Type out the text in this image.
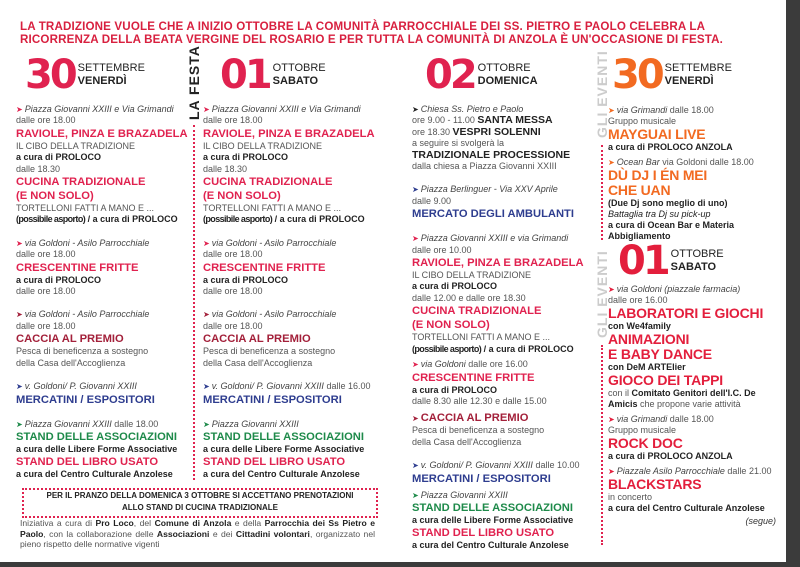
LA TRADIZIONE VUOLE CHE A INIZIO OTTOBRE LA COMUNITÀ PARROCCHIALE DEI SS. PIETRO E PAOLO CELEBRA LA RICORRENZA DELLA BEATA VERGINE DEL ROSARIO E PER TUTTA LA COMUNITÀ DI ANZOLA È UN'OCCASIONE DI FESTA.
30 SETTEMBRE
VENERDÌ	01 OTTOBRE
SABATO	02 OTTOBRE
DOMENICA 30 SETTEMBRE
VENERDÌ
LA FESTA	GLI EVENTI
GLI EVENTI
➤ Piazza Giovanni XXIII e Via Grimandi
dalle ore 18.00
RAVIOLE, PINZA E BRAZADELA
IL CIBO DELLA TRADIZIONE
a cura di PROLOCO
dalle 18.30
CUCINA TRADIZIONALE
(E NON SOLO)
TORTELLONI FATTI A MANO E ...
(possibile asporto) / a cura di PROLOCO
➤ via Goldoni - Asilo Parrocchiale
dalle ore 18.00
CRESCENTINE FRITTE
a cura di PROLOCO
dalle ore 18.00
➤ via Goldoni - Asilo Parrocchiale
dalle ore 18.00
CACCIA AL PREMIO
Pesca di beneficenza a sostegno
della Casa dell'Accoglienza
➤ v. Goldoni/ P. Giovanni XXIII
MERCATINI / ESPOSITORI
➤ Piazza Giovanni XXIII dalle 18.00
STAND DELLE ASSOCIAZIONI
a cura delle Libere Forme Associative
STAND DEL LIBRO USATO
a cura del Centro Culturale Anzolese
➤ Piazza Giovanni XXIII e Via Grimandi
dalle ore 18.00
RAVIOLE, PINZA E BRAZADELA
IL CIBO DELLA TRADIZIONE
a cura di PROLOCO
dalle 18.30
CUCINA TRADIZIONALE
(E NON SOLO)
TORTELLONI FATTI A MANO E ...
(possibile asporto) / a cura di PROLOCO
➤ via Goldoni - Asilo Parrocchiale
dalle ore 18.00
CRESCENTINE FRITTE
a cura di PROLOCO
dalle ore 18.00
➤ via Goldoni - Asilo Parrocchiale
dalle ore 18.00
CACCIA AL PREMIO
Pesca di beneficenza a sostegno
della Casa dell'Accoglienza
➤ v. Goldoni/ P. Giovanni XXIII dalle 16.00
MERCATINI / ESPOSITORI
➤ Piazza Giovanni XXIII
STAND DELLE ASSOCIAZIONI
a cura delle Libere Forme Associative
STAND DEL LIBRO USATO
a cura del Centro Culturale Anzolese
➤ Chiesa Ss. Pietro e Paolo
ore 9.00 - 11.00 SANTA MESSA
ore 18.30 VESPRI SOLENNI
a seguire si svolgerà la
TRADIZIONALE PROCESSIONE
dalla chiesa a Piazza Giovanni XXIII
➤ Piazza Berlinguer - Via XXV Aprile
dalle 9.00
MERCATO DEGLI AMBULANTI
➤ Piazza Giovanni XXIII e via Grimandi
dalle ore 10.00
RAVIOLE, PINZA E BRAZADELA
IL CIBO DELLA TRADIZIONE
a cura di PROLOCO
dalle 12.00 e dalle ore 18.30
CUCINA TRADIZIONALE
(E NON SOLO)
TORTELLONI FATTI A MANO E ...
(possibile asporto) / a cura di PROLOCO
➤ via Goldoni dalle ore 16.00
CRESCENTINE FRITTE
a cura di PROLOCO
dalle 8.30 alle 12.30 e dalle 15.00
➤ CACCIA AL PREMIO
Pesca di beneficenza a sostegno
della Casa dell'Accoglienza
➤ v. Goldoni/ P. Giovanni XXIII dalle 10.00
MERCATINI / ESPOSITORI
➤ Piazza Giovanni XXIII
STAND DELLE ASSOCIAZIONI
a cura delle Libere Forme Associative
STAND DEL LIBRO USATO
a cura del Centro Culturale Anzolese
➤ via Grimandi dalle 18.00
Gruppo musicale
MAYGUAI LIVE
a cura di PROLOCO ANZOLA
➤ Ocean Bar via Goldoni dalle 18.00
DÙ DJ I ÉN MEI
CHE UAN
(Due Dj sono meglio di uno)
Battaglia tra Dj su pick-up
a cura di Ocean Bar e Materia
Abbigliamento
01 OTTOBRE
SABATO
➤ via Goldoni (piazzale farmacia)
dalle ore 16.00
LABORATORI E GIOCHI
con We4family
ANIMAZIONI
E BABY DANCE
con DeM ARTElier
GIOCO DEI TAPPI
con il Comitato Genitori dell'I.C. De
Amicis che propone varie attività
➤ via Grimandi dalle 18.00
Gruppo musicale
ROCK DOC
a cura di PROLOCO ANZOLA
➤ Piazzale Asilo Parrocchiale dalle 21.00
BLACKSTARS
in concerto
a cura del Centro Culturale Anzolese
(segue)
PER IL PRANZO DELLA DOMENICA 3 OTTOBRE SI ACCETTANO PRENOTAZIONI
ALLO STAND DI CUCINA TRADIZIONALE
Iniziativa a cura di Pro Loco, del Comune di Anzola e della Parrocchia dei Ss Pietro e Paolo, con la collaborazione delle Associazioni e dei Cittadini volontari, organizzato nel pieno rispetto delle normative vigenti
